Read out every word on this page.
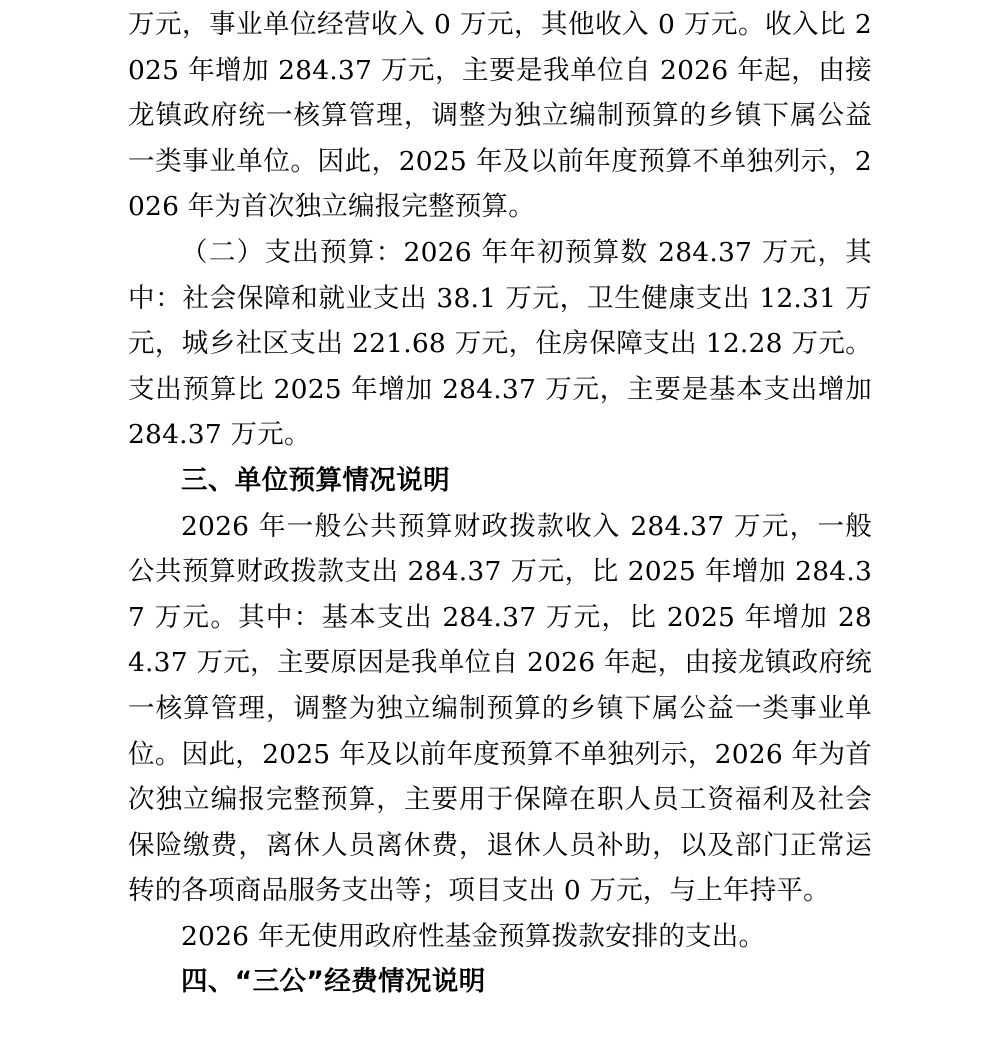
万元，事业单位经营收入 0 万元，其他收入 0 万元。收入比 2025 年增加 284.37 万元，主要是我单位自 2026 年起，由接龙镇政府统一核算管理，调整为独立编制预算的乡镇下属公益一类事业单位。因此，2025 年及以前年度预算不单独列示，2026 年为首次独立编报完整预算。

（二）支出预算：2026 年年初预算数 284.37 万元，其中：社会保障和就业支出 38.1 万元，卫生健康支出 12.31 万元，城乡社区支出 221.68 万元，住房保障支出 12.28 万元。支出预算比 2025 年增加 284.37 万元，主要是基本支出增加 284.37 万元。

三、单位预算情况说明

2026 年一般公共预算财政拨款收入 284.37 万元，一般公共预算财政拨款支出 284.37 万元，比 2025 年增加 284.37 万元。其中：基本支出 284.37 万元，比 2025 年增加 284.37 万元，主要原因是我单位自 2026 年起，由接龙镇政府统一核算管理，调整为独立编制预算的乡镇下属公益一类事业单位。因此，2025 年及以前年度预算不单独列示，2026 年为首次独立编报完整预算，主要用于保障在职人员工资福利及社会保险缴费，离休人员离休费，退休人员补助，以及部门正常运转的各项商品服务支出等；项目支出 0 万元，与上年持平。

2026 年无使用政府性基金预算拨款安排的支出。

四、“三公”经费情况说明
